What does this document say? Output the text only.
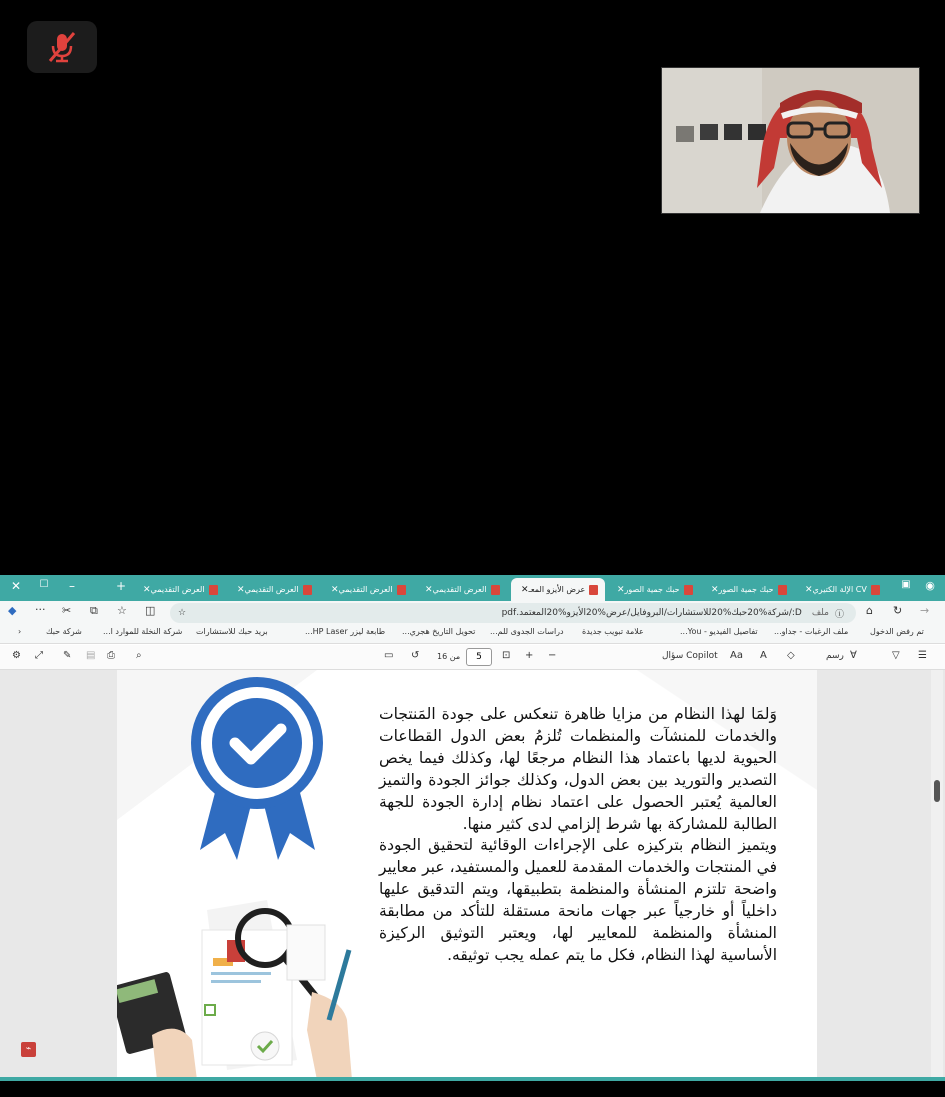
✕	☐	–	+	العرض التقديمي
✕	العرض التقديمي
✕	العرض التقديمي
✕	العرض التقديمي
✕	عرض الأيزو المعـ
✕	حبك جمية الصور
✕	حبك جمية الصور
✕	CV الإلة الكتيري
✕	▣	◉
◆ ··· ✂ ⧉ ☆ ◫	ⓘ
ملف
D:/شركة%20حبك%20للاستشارات/البروفايل/عرض%20الأيزو%20المعتمد.pdf
☆	⌂ ↻ →
‹	شركة حبك	شركة النخلة للموارد ا... بريد حبك للاستشارات	طابعة ليزر HP Laser... تحويل التاريخ هجري... دراسات الجدوى للم... علامة تبويب جديدة	تفاصيل الفيديو - You... ملف الرغبات - جداو...	تم رفض الدخول
⚙ ⤢ ✎ ▤ ⎙ ⌕	▭ ↺ من 16	5	⊡ + −	سؤال Copilot Aa A ◇	رسم ∀	▽ ☰

وَلمَا لهذا النظام من مزايا ظاهرة تنعكس على جودة المَنتجات والخدمات للمنشآت والمنظمات تُلزمُ بعض الدول القطاعات الحيوية لديها باعتماد هذا النظام مرجعًا لها، وكذلك فيما يخص التصدير والتوريد بين بعض الدول، وكذلك جوائز الجودة والتميز العالمية يُعتبر الحصول على اعتماد نظام إدارة الجودة للجهة الطالبة للمشاركة بها شرط إلزامي لدى كثير منها.

ويتميز النظام بتركيزه على الإجراءات الوقائية لتحقيق الجودة في المنتجات والخدمات المقدمة للعميل والمستفيد، عبر معايير واضحة تلتزم المنشأة والمنظمة بتطبيقها، ويتم التدقيق عليها داخلياً أو خارجياً عبر جهات مانحة مستقلة للتأكد من مطابقة المنشأة والمنظمة للمعايير لها، ويعتبر التوثيق الركيزة الأساسية لهذا النظام، فكل ما يتم عمله يجب توثيقه.

⌁
